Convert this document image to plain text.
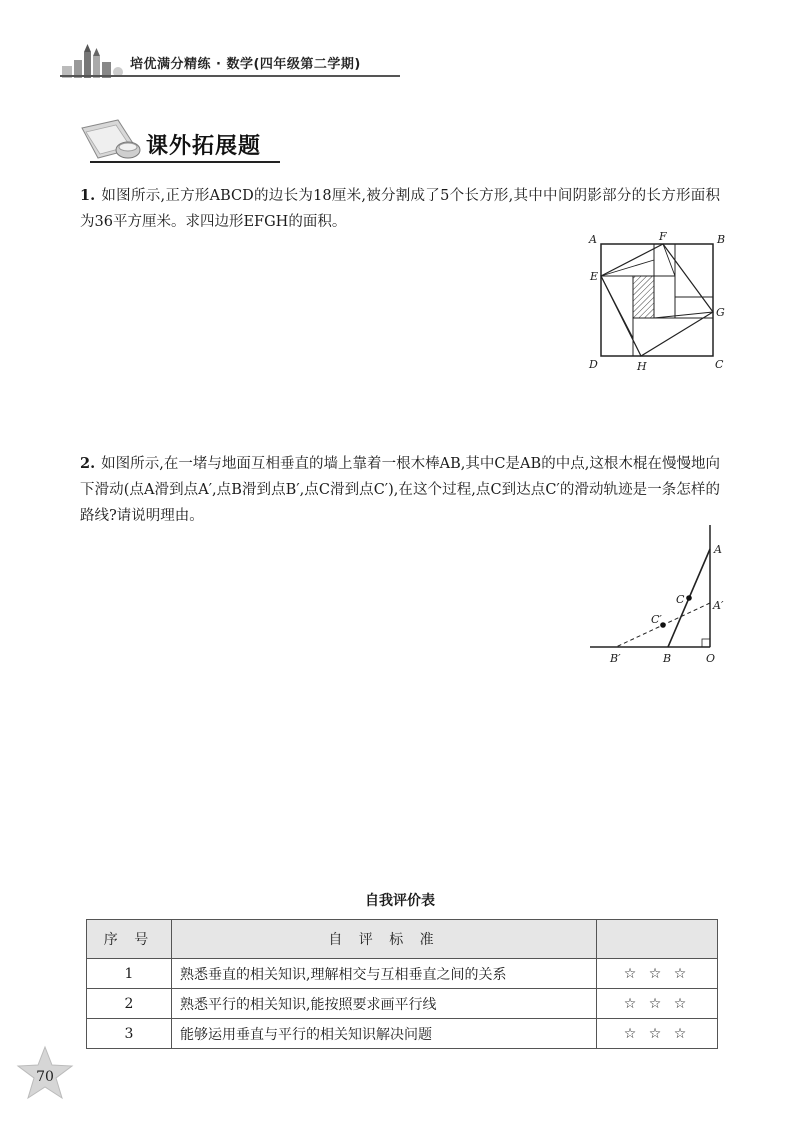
培优满分精练 · 数学(四年级第二学期)
课外拓展题
1. 如图所示,正方形ABCD的边长为18厘米,被分割成了5个长方形,其中中间阴影部分的长方形面积为36平方厘米。求四边形EFGH的面积。
A	B
C
D
E
F
G
H
2. 如图所示,在一堵与地面互相垂直的墙上靠着一根木棒AB,其中C是AB的中点,这根木棍在慢慢地向下滑动(点A滑到点A′,点B滑到点B′,点C滑到点C′),在这个过程,点C到达点C′的滑动轨迹是一条怎样的路线?请说明理由。
A
C	A′
C′
B′	B	O
自我评价表
序 号	自 评 标 准	
1	熟悉垂直的相关知识,理解相交与互相垂直之间的关系	☆ ☆ ☆
2	熟悉平行的相关知识,能按照要求画平行线	☆ ☆ ☆
3	能够运用垂直与平行的相关知识解决问题	☆ ☆ ☆
70
